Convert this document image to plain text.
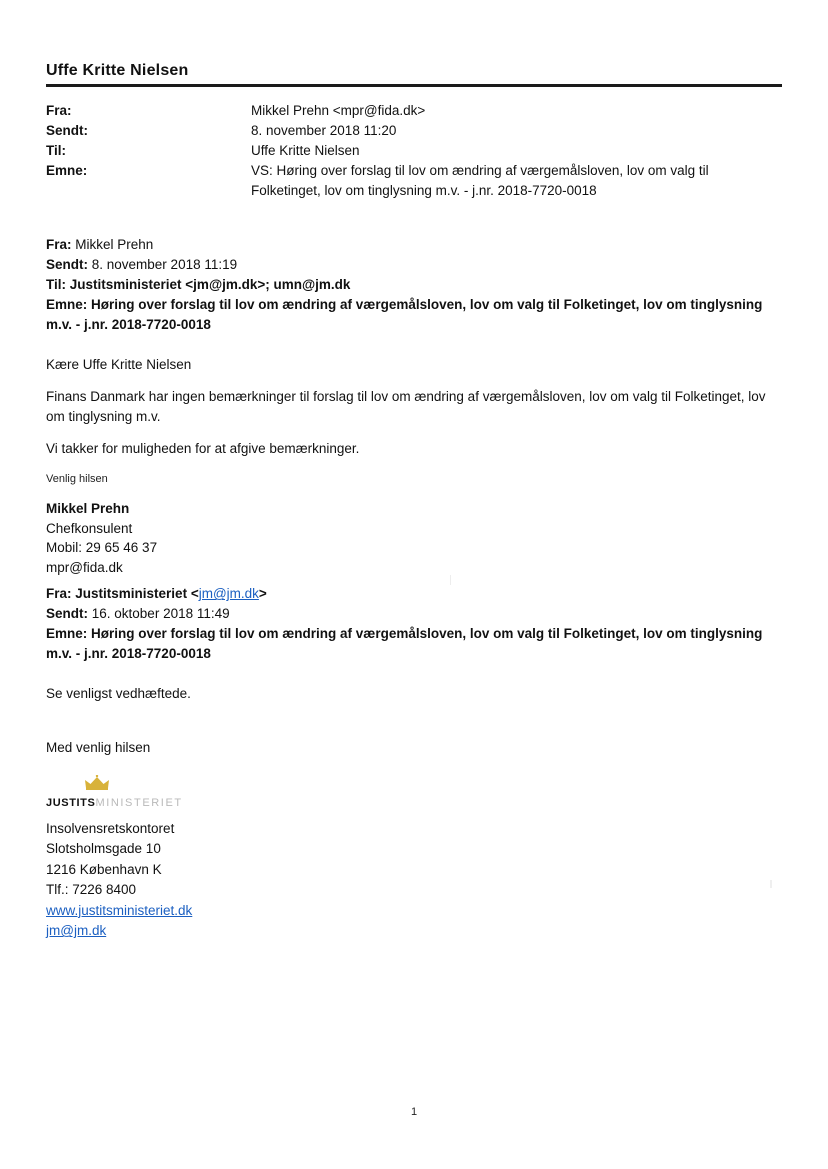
Uffe Kritte Nielsen
Fra:	Mikkel Prehn <mpr@fida.dk>
Sendt:	8. november 2018 11:20
Til:	Uffe Kritte Nielsen
Emne:	VS: Høring over forslag til lov om ændring af værgemålsloven, lov om valg til Folketinget, lov om tinglysning m.v. - j.nr. 2018-7720-0018
Fra: Mikkel Prehn
Sendt: 8. november 2018 11:19
Til: Justitsministeriet <jm@jm.dk>; umn@jm.dk
Emne: Høring over forslag til lov om ændring af værgemålsloven, lov om valg til Folketinget, lov om tinglysning m.v. - j.nr. 2018-7720-0018
Kære Uffe Kritte Nielsen
Finans Danmark har ingen bemærkninger til forslag til lov om ændring af værgemålsloven, lov om valg til Folketinget, lov om tinglysning m.v.
Vi takker for muligheden for at afgive bemærkninger.
Venlig hilsen
Mikkel Prehn
Chefkonsulent
Mobil: 29 65 46 37
mpr@fida.dk
Fra: Justitsministeriet <jm@jm.dk>
Sendt: 16. oktober 2018 11:49
Emne: Høring over forslag til lov om ændring af værgemålsloven, lov om valg til Folketinget, lov om tinglysning m.v. - j.nr. 2018-7720-0018
Se venligst vedhæftede.
Med venlig hilsen
JUSTITSMINISTERIET
Insolvensretskontoret
Slotsholmsgade 10
1216 København K
Tlf.: 7226 8400
www.justitsministeriet.dk
jm@jm.dk
1
